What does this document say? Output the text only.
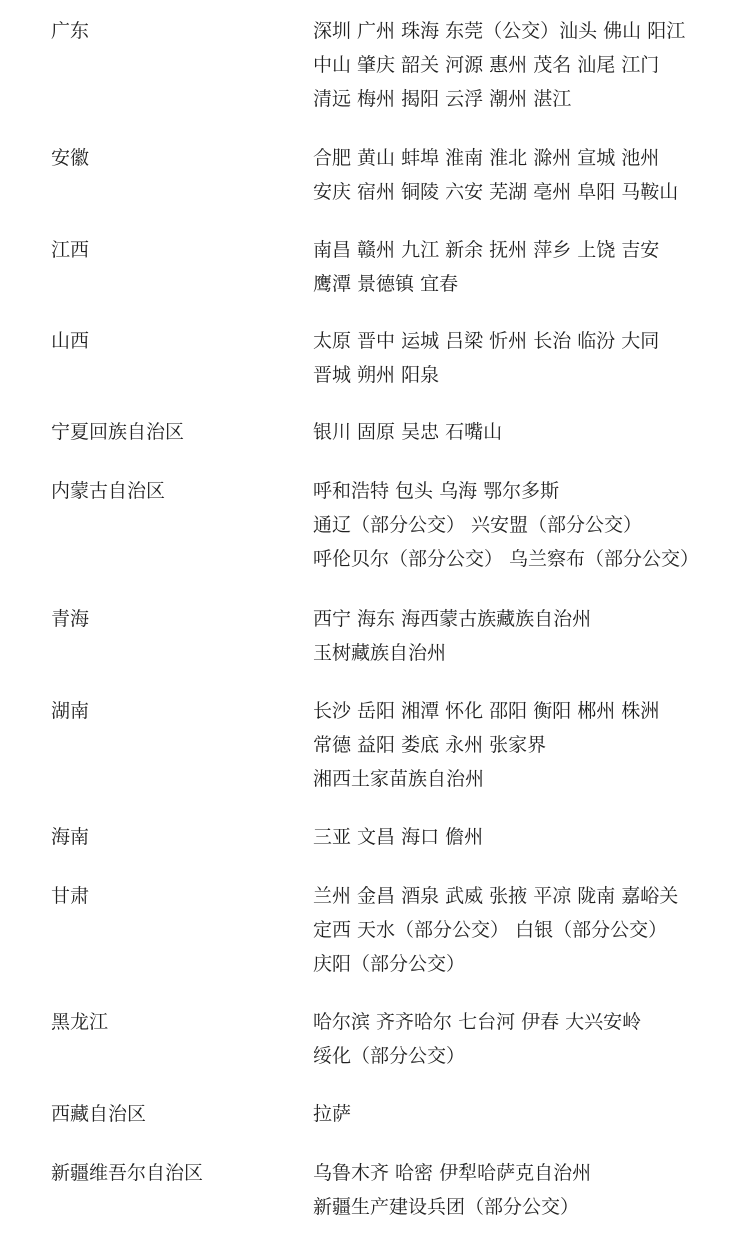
广东	深圳 广州 珠海 东莞（公交）汕头 佛山 阳江
中山 肇庆 韶关 河源 惠州 茂名 汕尾 江门
清远 梅州 揭阳 云浮 潮州 湛江
安徽	合肥 黄山 蚌埠 淮南 淮北 滁州 宣城 池州
安庆 宿州 铜陵 六安 芜湖 亳州 阜阳 马鞍山
江西	南昌 赣州 九江 新余 抚州 萍乡 上饶 吉安
鹰潭 景德镇 宜春
山西	太原 晋中 运城 吕梁 忻州 长治 临汾 大同
晋城 朔州 阳泉
宁夏回族自治区	银川 固原 吴忠 石嘴山
内蒙古自治区	呼和浩特 包头 乌海 鄂尔多斯
通辽（部分公交） 兴安盟（部分公交）
呼伦贝尔（部分公交） 乌兰察布（部分公交）
青海	西宁 海东 海西蒙古族藏族自治州
玉树藏族自治州
湖南	长沙 岳阳 湘潭 怀化 邵阳 衡阳 郴州 株洲
常德 益阳 娄底 永州 张家界
湘西土家苗族自治州
海南	三亚 文昌 海口 儋州
甘肃	兰州 金昌 酒泉 武威 张掖 平凉 陇南 嘉峪关
定西 天水（部分公交） 白银（部分公交）
庆阳（部分公交）
黑龙江	哈尔滨 齐齐哈尔 七台河 伊春 大兴安岭
绥化（部分公交）
西藏自治区	拉萨
新疆维吾尔自治区	乌鲁木齐 哈密 伊犁哈萨克自治州
新疆生产建设兵团（部分公交）
